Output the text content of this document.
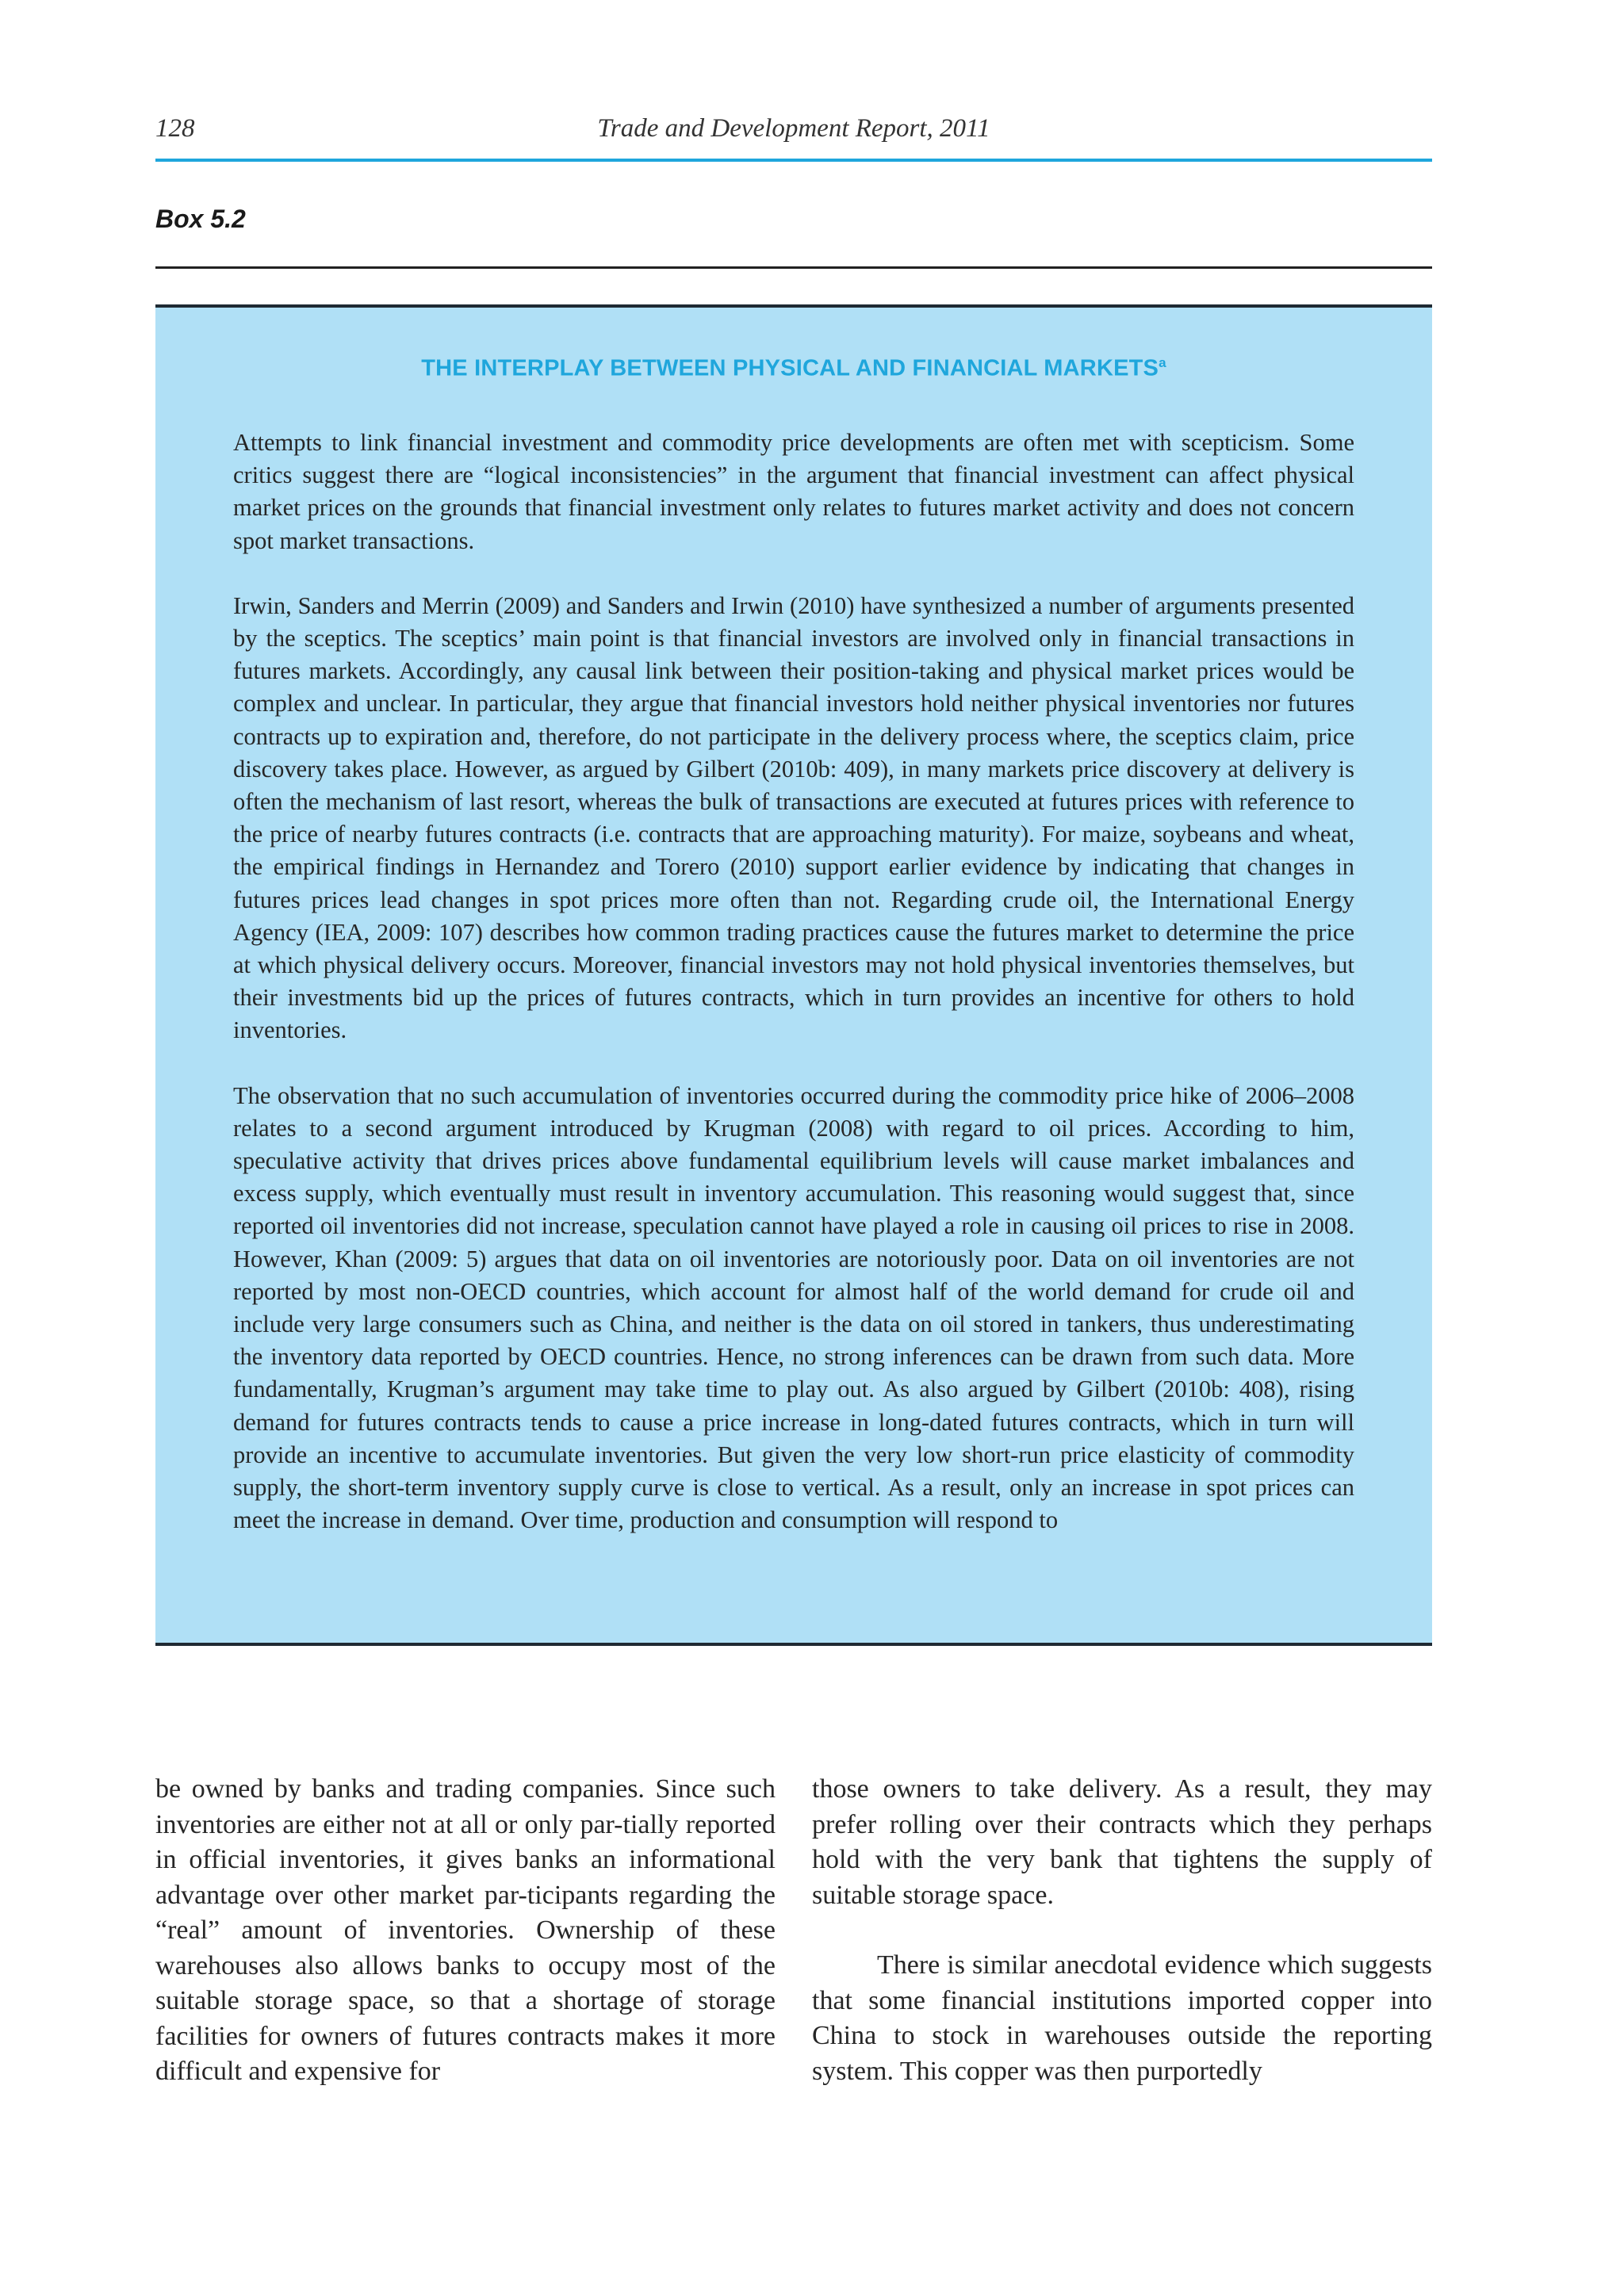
128	Trade and Development Report, 2011
Box 5.2
THE INTERPLAY BETWEEN PHYSICAL AND FINANCIAL MARKETS$^a$

Attempts to link financial investment and commodity price developments are often met with scepticism. Some critics suggest there are “logical inconsistencies” in the argument that financial investment can affect physical market prices on the grounds that financial investment only relates to futures market activity and does not concern spot market transactions.

Irwin, Sanders and Merrin (2009) and Sanders and Irwin (2010) have synthesized a number of arguments presented by the sceptics. The sceptics’ main point is that financial investors are involved only in financial transactions in futures markets. Accordingly, any causal link between their position-taking and physical market prices would be complex and unclear. In particular, they argue that financial investors hold neither physical inventories nor futures contracts up to expiration and, therefore, do not participate in the delivery process where, the sceptics claim, price discovery takes place. However, as argued by Gilbert (2010b: 409), in many markets price discovery at delivery is often the mechanism of last resort, whereas the bulk of transactions are executed at futures prices with reference to the price of nearby futures contracts (i.e. contracts that are approaching maturity). For maize, soybeans and wheat, the empirical findings in Hernandez and Torero (2010) support earlier evidence by indicating that changes in futures prices lead changes in spot prices more often than not. Regarding crude oil, the International Energy Agency (IEA, 2009: 107) describes how common trading practices cause the futures market to determine the price at which physical delivery occurs. Moreover, financial investors may not hold physical inventories themselves, but their investments bid up the prices of futures contracts, which in turn provides an incentive for others to hold inventories.

The observation that no such accumulation of inventories occurred during the commodity price hike of 2006–2008 relates to a second argument introduced by Krugman (2008) with regard to oil prices. According to him, speculative activity that drives prices above fundamental equilibrium levels will cause market imbalances and excess supply, which eventually must result in inventory accumulation. This reasoning would suggest that, since reported oil inventories did not increase, speculation cannot have played a role in causing oil prices to rise in 2008. However, Khan (2009: 5) argues that data on oil inventories are notoriously poor. Data on oil inventories are not reported by most non-OECD countries, which account for almost half of the world demand for crude oil and include very large consumers such as China, and neither is the data on oil stored in tankers, thus underestimating the inventory data reported by OECD countries. Hence, no strong inferences can be drawn from such data. More fundamentally, Krugman’s argument may take time to play out. As also argued by Gilbert (2010b: 408), rising demand for futures contracts tends to cause a price increase in long-dated futures contracts, which in turn will provide an incentive to accumulate inventories. But given the very low short-run price elasticity of commodity supply, the short-term inventory supply curve is close to vertical. As a result, only an increase in spot prices can meet the increase in demand. Over time, production and consumption will respond to

be owned by banks and trading companies. Since such inventories are either not at all or only par-tially reported in official inventories, it gives banks an informational advantage over other market par-ticipants regarding the “real” amount of inventories. Ownership of these warehouses also allows banks to occupy most of the suitable storage space, so that a shortage of storage facilities for owners of futures contracts makes it more difficult and expensive for

those owners to take delivery. As a result, they may prefer rolling over their contracts which they perhaps hold with the very bank that tightens the supply of suitable storage space.

There is similar anecdotal evidence which suggests that some financial institutions imported copper into China to stock in warehouses outside the reporting system. This copper was then purportedly
